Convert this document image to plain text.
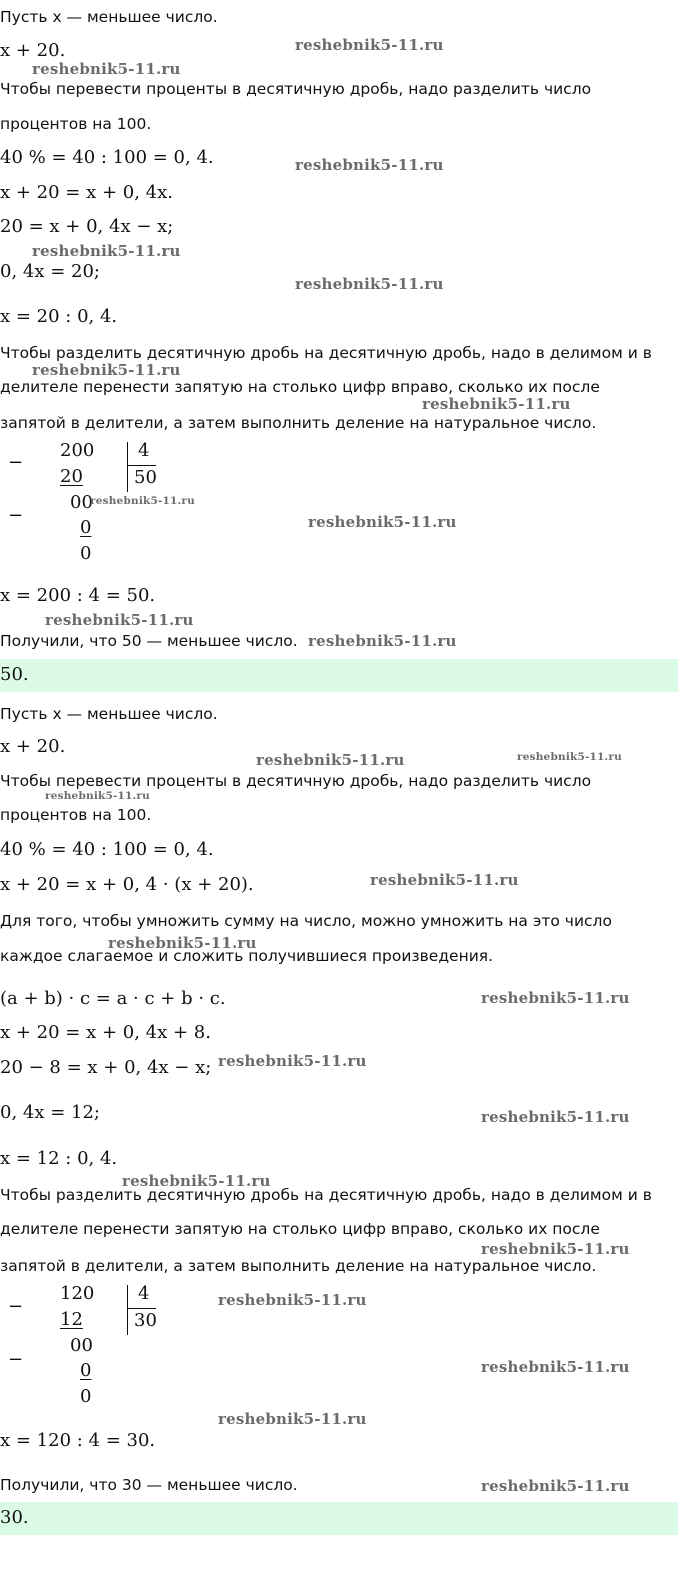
Пусть x — меньшее число.
x + 20.
Чтобы перевести проценты в десятичную дробь, надо разделить число
процентов на 100.
40 % = 40 : 100 = 0, 4.
x + 20 = x + 0, 4x.
20 = x + 0, 4x − x;
0, 4x = 20;
x = 20 : 0, 4.
Чтобы разделить десятичную дробь на десятичную дробь, надо в делимом и в
делителе перенести запятую на столько цифр вправо, сколько их после
запятой в делители, а затем выполнить деление на натуральное число.
−
200
20
4
50
−
00
0
0
x = 200 : 4 = 50.
Получили, что 50 — меньшее число.
50.
Пусть x — меньшее число.
x + 20.
Чтобы перевести проценты в десятичную дробь, надо разделить число
процентов на 100.
40 % = 40 : 100 = 0, 4.
x + 20 = x + 0, 4 · (x + 20).
Для того, чтобы умножить сумму на число, можно умножить на это число
каждое слагаемое и сложить получившиеся произведения.
(a + b) · c = a · c + b · c.
x + 20 = x + 0, 4x + 8.
20 − 8 = x + 0, 4x − x;
0, 4x = 12;
x = 12 : 0, 4.
Чтобы разделить десятичную дробь на десятичную дробь, надо в делимом и в
делителе перенести запятую на столько цифр вправо, сколько их после
запятой в делители, а затем выполнить деление на натуральное число.
−
120
12
4
30
−
00
0
0
x = 120 : 4 = 30.
Получили, что 30 — меньшее число.
30.
reshebnik5-11.ru
reshebnik5-11.ru
reshebnik5-11.ru
reshebnik5-11.ru
reshebnik5-11.ru
reshebnik5-11.ru
reshebnik5-11.ru
reshebnik5-11.ru
reshebnik5-11.ru
reshebnik5-11.ru
reshebnik5-11.ru
reshebnik5-11.ru	reshebnik5-11.ru
reshebnik5-11.ru
reshebnik5-11.ru
reshebnik5-11.ru
reshebnik5-11.ru
reshebnik5-11.ru
reshebnik5-11.ru
reshebnik5-11.ru
reshebnik5-11.ru
reshebnik5-11.ru
reshebnik5-11.ru
reshebnik5-11.ru
reshebnik5-11.ru
